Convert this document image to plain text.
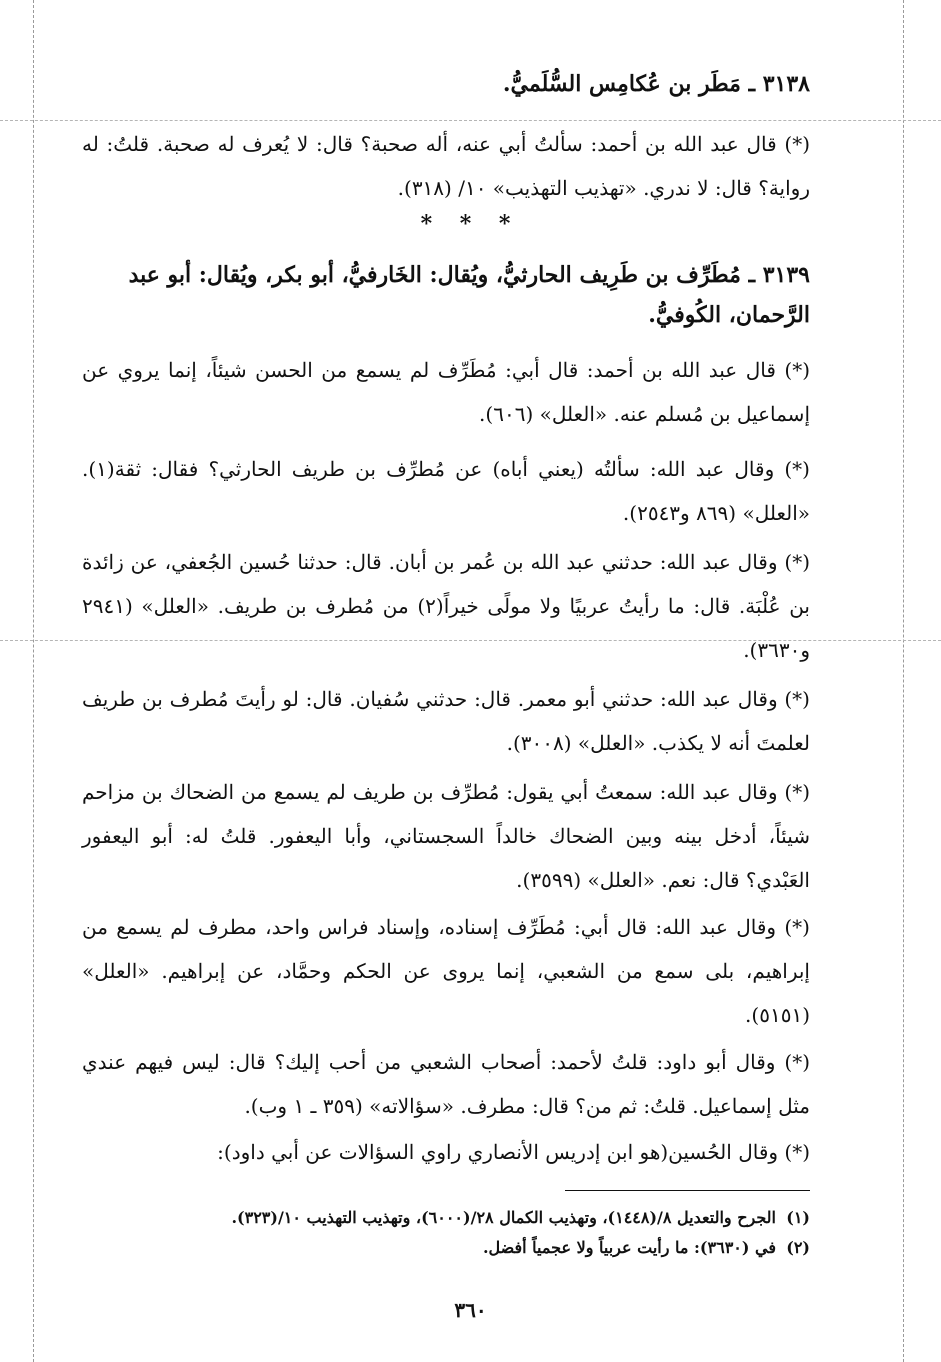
٣١٣٨ ـ مَطَر بن عُكامِس السُّلَميُّ.

(*) قال عبد الله بن أحمد: سألتُ أبي عنه، أله صحبة؟ قال: لا يُعرف له صحبة. قلتُ: له رواية؟ قال: لا ندري. «تهذيب التهذيب» ١٠/ (٣١٨).

* * *
٣١٣٩ ـ مُطَرِّف بن طَرِيف الحارثيُّ، ويُقال: الخَارفيُّ، أبو بكر، ويُقال: أبو عبد الرَّحمان، الكُوفيُّ.

(*) قال عبد الله بن أحمد: قال أبي: مُطَرِّف لم يسمع من الحسن شيئاً، إنما يروي عن إسماعيل بن مُسلم عنه. «العلل» (٦٠٦).

(*) وقال عبد الله: سألتُه (يعني أباه) عن مُطرِّف بن طريف الحارثي؟ فقال: ثقة(١). «العلل» (٨٦٩ و٢٥٤٣).

(*) وقال عبد الله: حدثني عبد الله بن عُمر بن أبان. قال: حدثنا حُسين الجُعفي، عن زائدة بن عُلْبَة. قال: ما رأيتُ عربيًا ولا مولًى خيراً(٢) من مُطرف بن طريف. «العلل» (٢٩٤١ و٣٦٣٠).

(*) وقال عبد الله: حدثني أبو معمر. قال: حدثني سُفيان. قال: لو رأيتَ مُطرف بن طريف لعلمتَ أنه لا يكذب. «العلل» (٣٠٠٨).

(*) وقال عبد الله: سمعتُ أبي يقول: مُطرِّف بن طريف لم يسمع من الضحاك بن مزاحم شيئاً، أدخل بينه وبين الضحاك خالداً السجستاني، وأبا اليعفور. قلتُ له: أبو اليعفور العَبْدي؟ قال: نعم. «العلل» (٣٥٩٩).

(*) وقال عبد الله: قال أبي: مُطَرِّف إسناده، وإسناد فراس واحد، مطرف لم يسمع من إبراهيم، بلى سمع من الشعبي، إنما يروى عن الحكم وحمَّاد، عن إبراهيم. «العلل» (٥١٥١).

(*) وقال أبو داود: قلتُ لأحمد: أصحاب الشعبي من أحب إليك؟ قال: ليس فيهم عندي مثل إسماعيل. قلتُ: ثم من؟ قال: مطرف. «سؤالاته» (٣٥٩ ـ ١ وب).

(*) وقال الحُسين(هو ابن إدريس الأنصاري راوي السؤالات عن أبي داود):

(١)الجرح والتعديل ٨/(١٤٤٨)، وتهذيب الكمال ٢٨/(٦٠٠٠)، وتهذيب التهذيب ١٠/(٣٢٣).

(٢)في (٣٦٣٠): ما رأيت عربياً ولا عجمياً أفضل.

٣٦٠
